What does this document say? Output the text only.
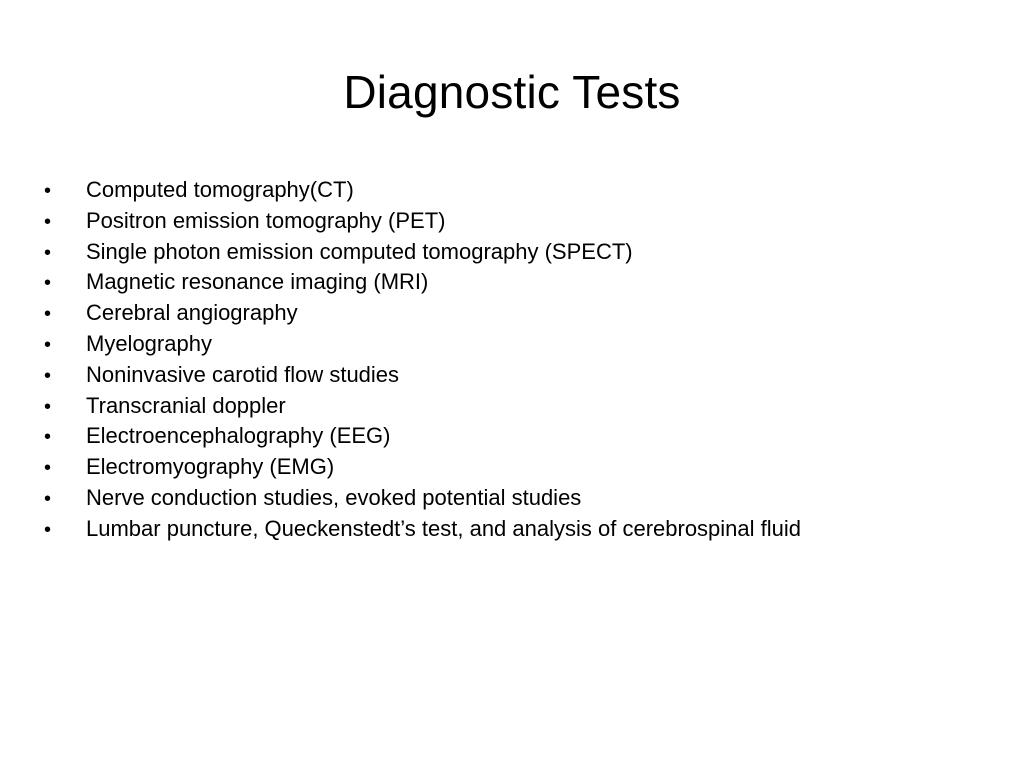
Diagnostic Tests
•	Computed tomography(CT)
•	Positron emission tomography (PET)
•	Single photon emission computed tomography (SPECT)
•	Magnetic resonance imaging (MRI)
•	Cerebral angiography
•	Myelography
•	Noninvasive carotid flow studies
•	Transcranial doppler
•	Electroencephalography (EEG)
•	Electromyography (EMG)
•	Nerve conduction studies, evoked potential studies
•	Lumbar puncture, Queckenstedt’s test, and analysis of cerebrospinal fluid
